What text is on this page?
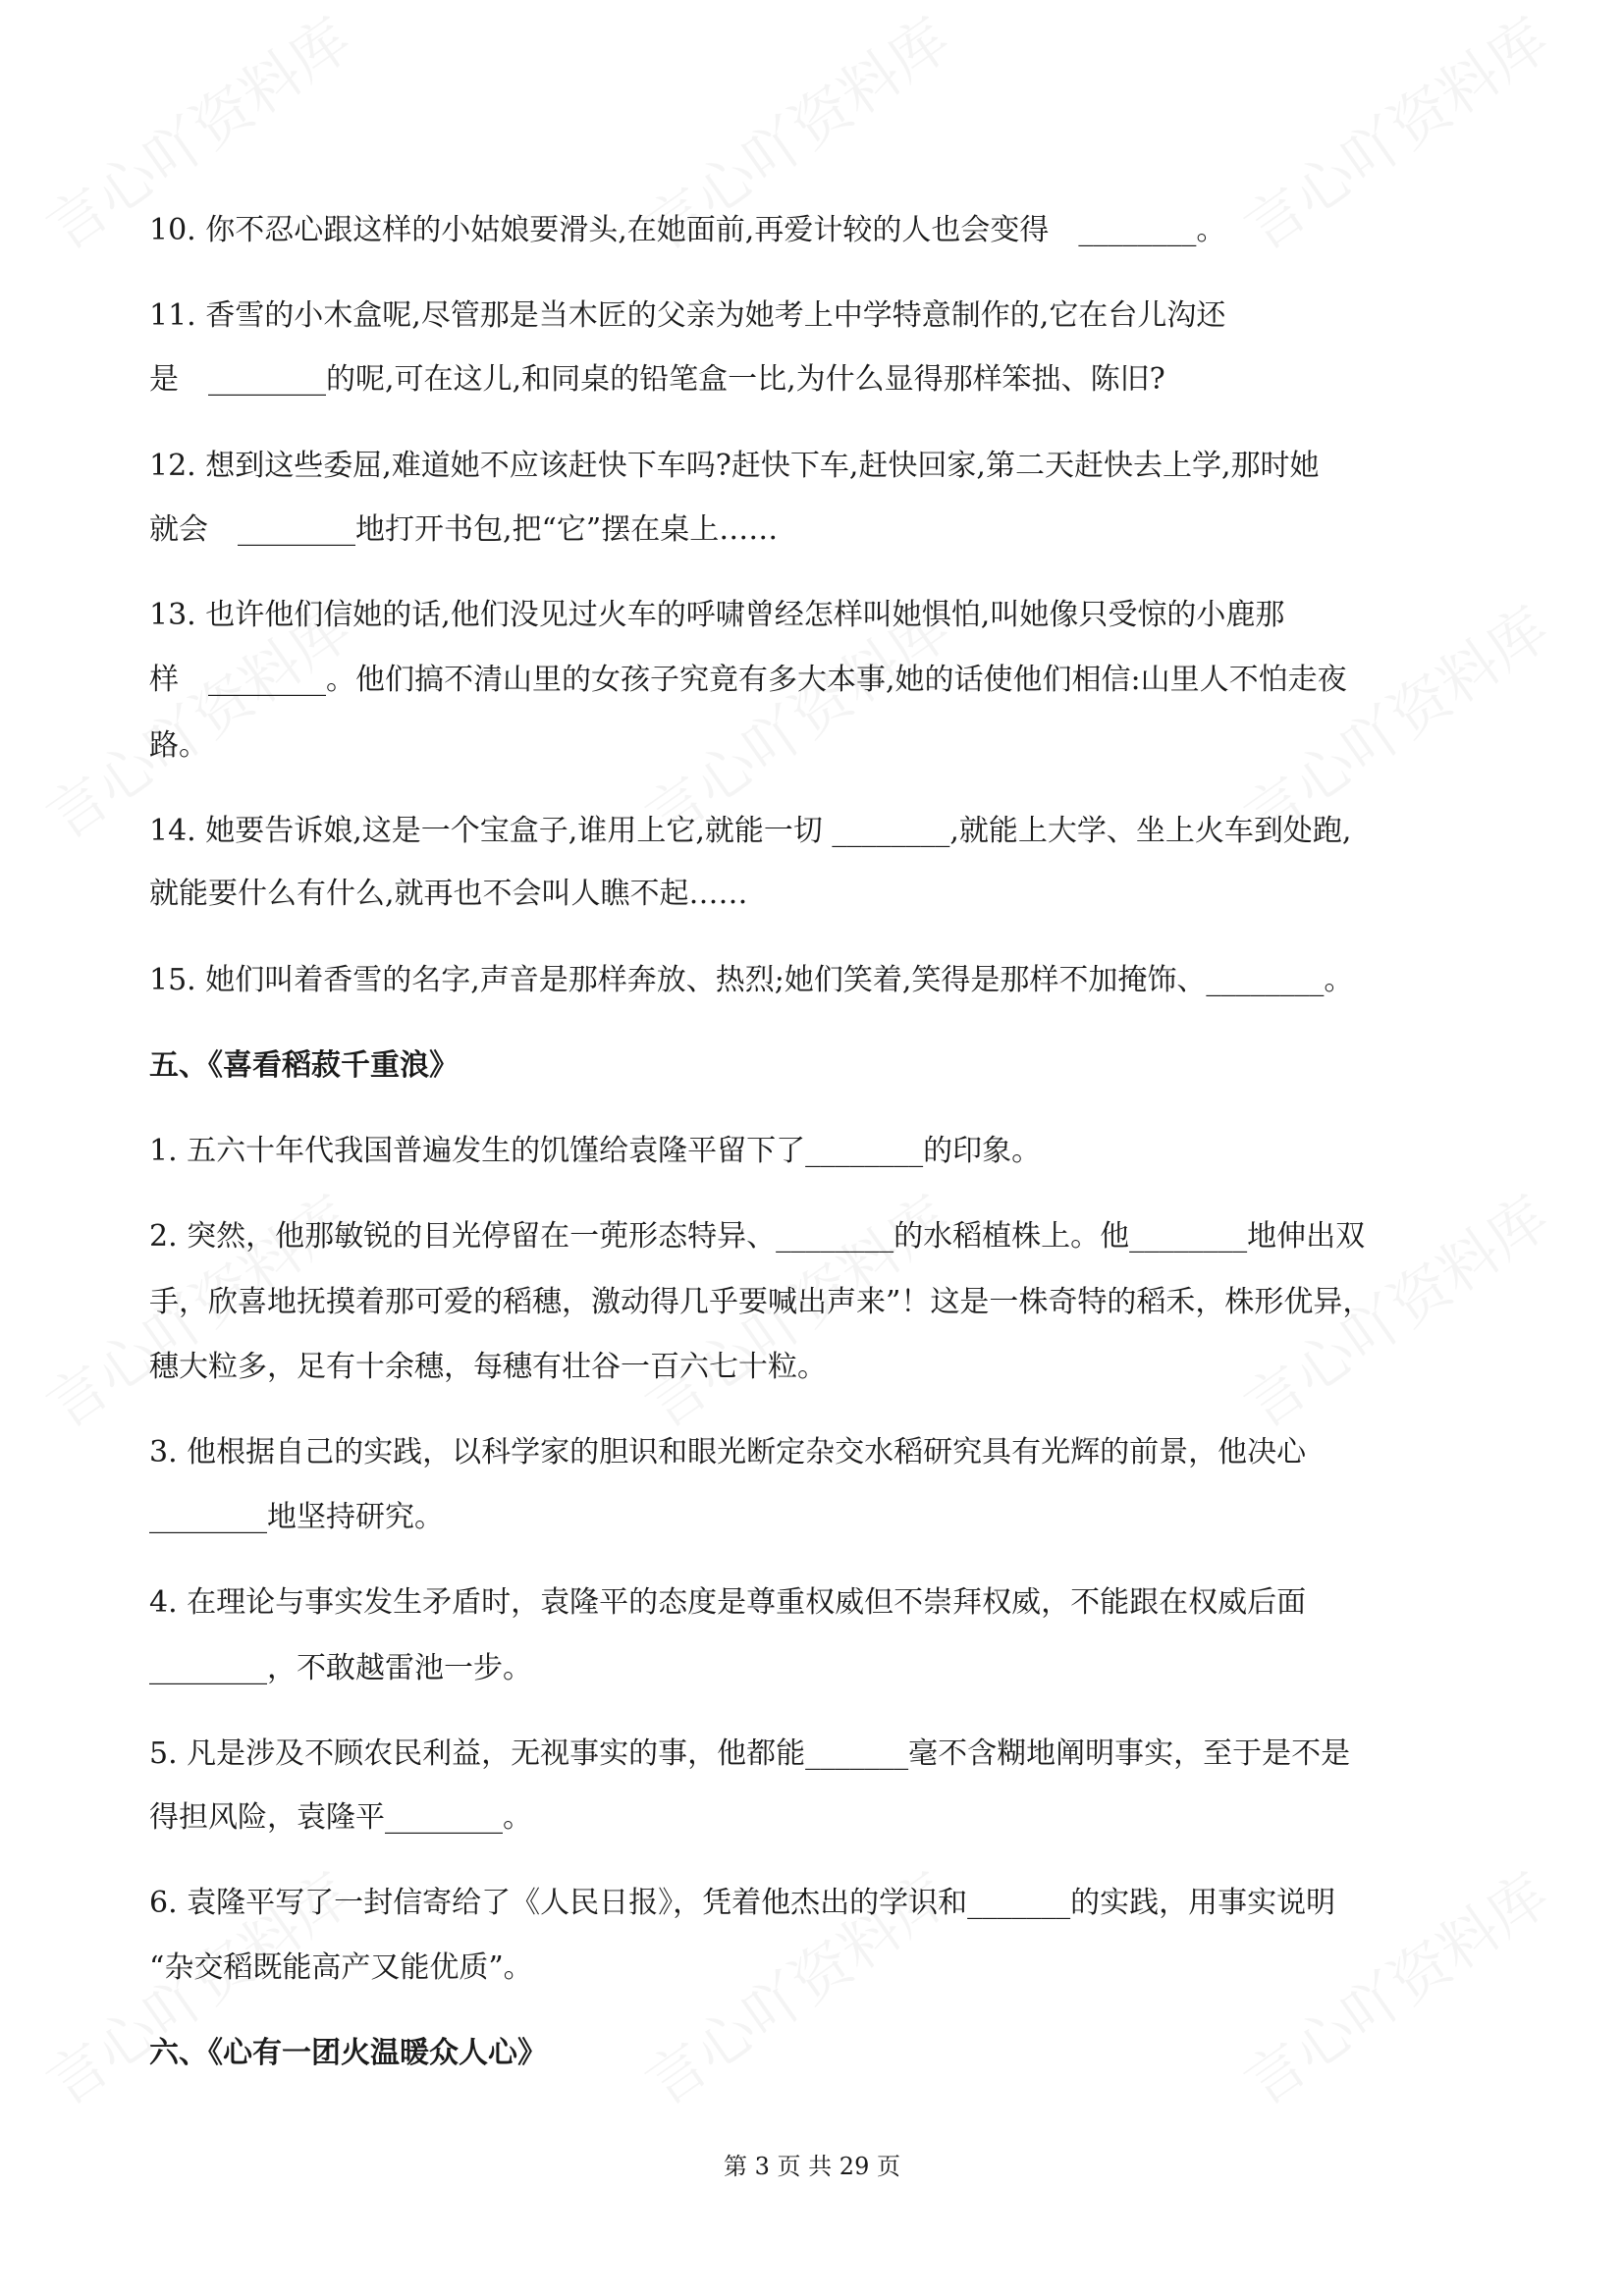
10. 你不忍心跟这样的小姑娘要滑头,在她面前,再爱计较的人也会变得　________。
11. 香雪的小木盒呢,尽管那是当木匠的父亲为她考上中学特意制作的,它在台儿沟还
是　________的呢,可在这儿,和同桌的铅笔盒一比,为什么显得那样笨拙、陈旧?
12. 想到这些委屈,难道她不应该赶快下车吗?赶快下车,赶快回家,第二天赶快去上学,那时她
就会　________地打开书包,把“它”摆在桌上……
13. 也许他们信她的话,他们没见过火车的呼啸曾经怎样叫她惧怕,叫她像只受惊的小鹿那
样　________。他们搞不清山里的女孩子究竟有多大本事,她的话使他们相信:山里人不怕走夜
路。
14. 她要告诉娘,这是一个宝盒子,谁用上它,就能一切 ________,就能上大学、坐上火车到处跑,
就能要什么有什么,就再也不会叫人瞧不起……
15. 她们叫着香雪的名字,声音是那样奔放、热烈;她们笑着,笑得是那样不加掩饰、________。
五、《喜看稻菽千重浪》
1. 五六十年代我国普遍发生的饥馑给袁隆平留下了________的印象。
2. 突然，他那敏锐的目光停留在一蔸形态特异、________的水稻植株上。他________地伸出双
手，欣喜地抚摸着那可爱的稻穗，激动得几乎要喊出声来”！这是一株奇特的稻禾，株形优异，
穗大粒多，足有十余穗，每穗有壮谷一百六七十粒。
3. 他根据自己的实践，以科学家的胆识和眼光断定杂交水稻研究具有光辉的前景，他决心
________地坚持研究。
4. 在理论与事实发生矛盾时，袁隆平的态度是尊重权威但不崇拜权威，不能跟在权威后面
________，不敢越雷池一步。
5. 凡是涉及不顾农民利益，无视事实的事，他都能_______毫不含糊地阐明事实，至于是不是
得担风险，袁隆平________。
6. 袁隆平写了一封信寄给了《人民日报》，凭着他杰出的学识和_______的实践，用事实说明
“杂交稻既能高产又能优质”。
六、《心有一团火温暖众人心》
第 3 页 共 29 页
